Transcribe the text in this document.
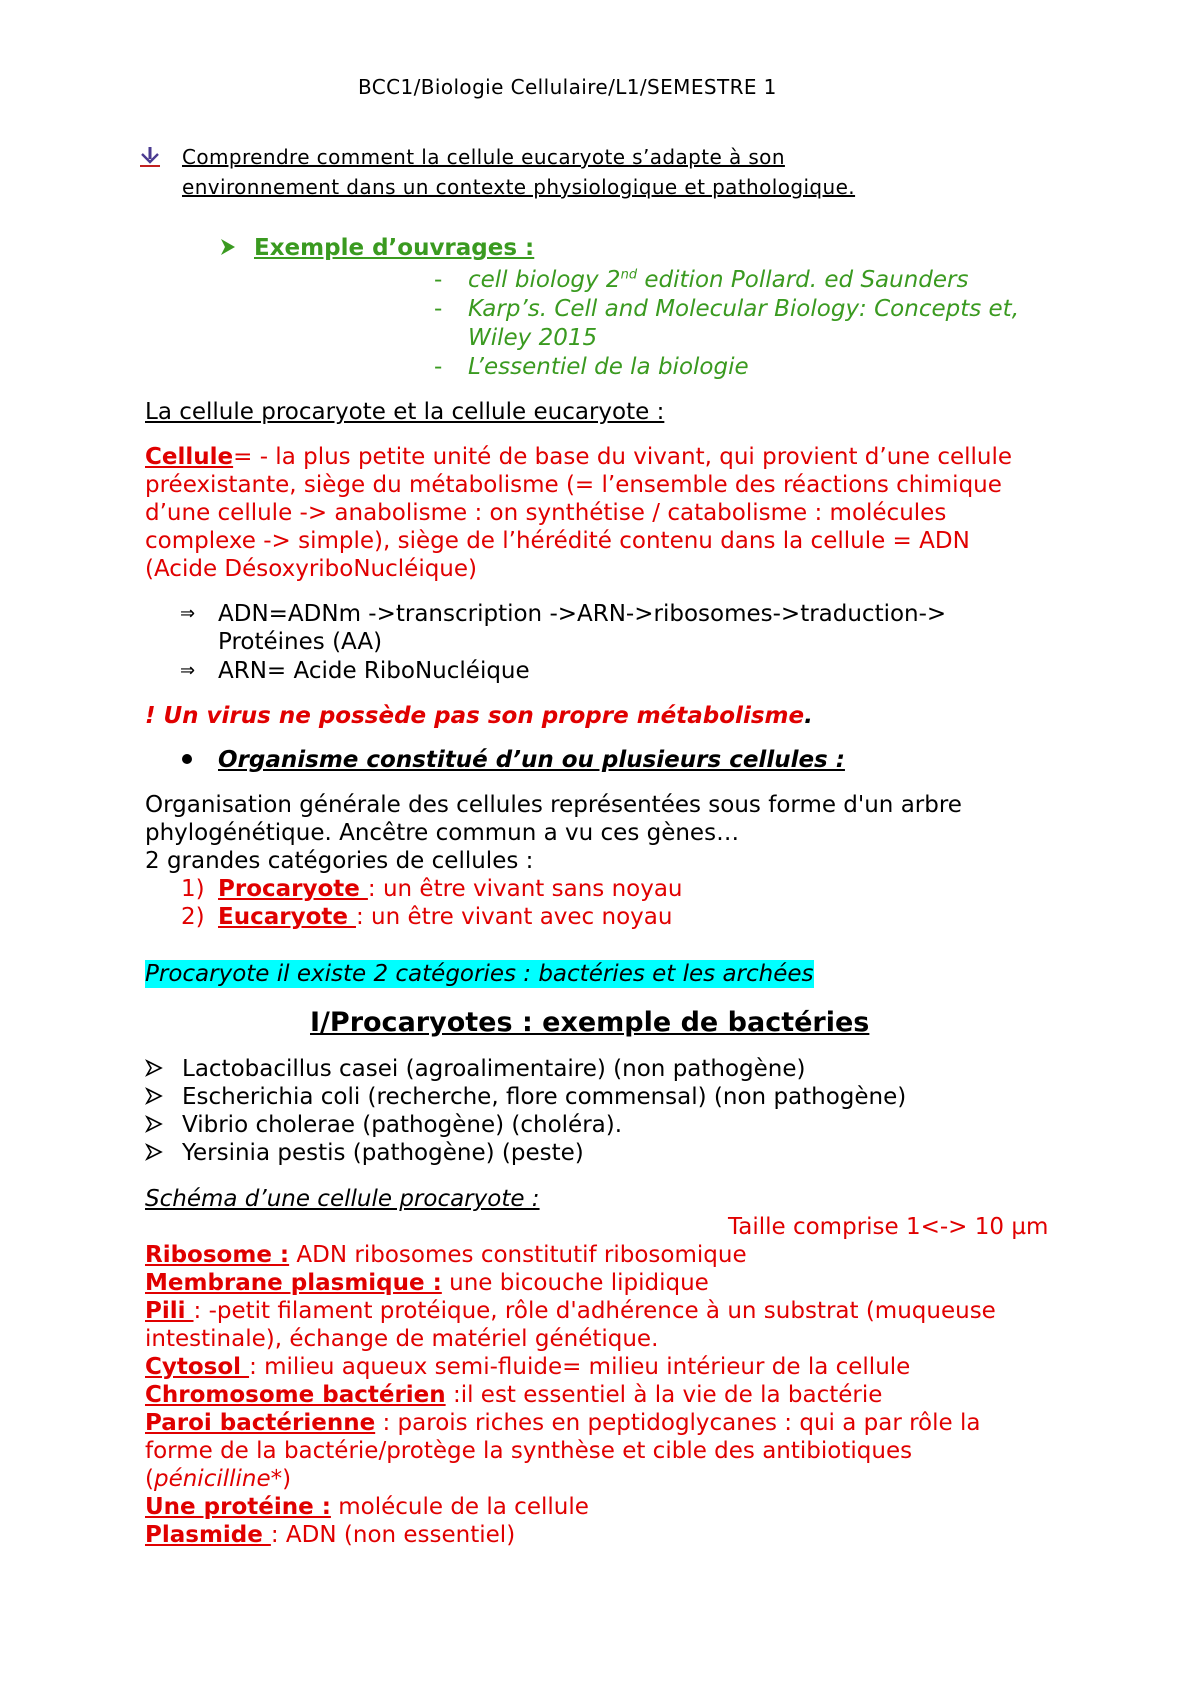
BCC1/Biologie Cellulaire/L1/SEMESTRE 1
Comprendre comment la cellule eucaryote s’adapte à son
environnement dans un contexte physiologique et pathologique.
Exemple d’ouvrages :
- cell biology 2nd edition Pollard. ed Saunders
- Karp’s. Cell and Molecular Biology: Concepts et,
Wiley 2015
- L’essentiel de la biologie
La cellule procaryote et la cellule eucaryote :
Cellule= - la plus petite unité de base du vivant, qui provient d’une cellule
préexistante, siège du métabolisme (= l’ensemble des réactions chimique
d’une cellule -> anabolisme : on synthétise / catabolisme : molécules
complexe -> simple), siège de l’hérédité contenu dans la cellule = ADN
(Acide DésoxyriboNucléique)
⇒ ADN=ADNm ->transcription ->ARN->ribosomes->traduction->
Protéines (AA)
⇒ ARN= Acide RiboNucléique
! Un virus ne possède pas son propre métabolisme.
Organisme constitué d’un ou plusieurs cellules :
Organisation générale des cellules représentées sous forme d'un arbre
phylogénétique. Ancêtre commun a vu ces gènes…
2 grandes catégories de cellules :
1) Procaryote : un être vivant sans noyau
2) Eucaryote : un être vivant avec noyau
Procaryote il existe 2 catégories : bactéries et les archées
I/Procaryotes : exemple de bactéries
Lactobacillus casei (agroalimentaire) (non pathogène)
Escherichia coli (recherche, flore commensal) (non pathogène)
Vibrio cholerae (pathogène) (choléra).
Yersinia pestis (pathogène) (peste)
Schéma d’une cellule procaryote :
Taille comprise 1<-> 10 µm
Ribosome : ADN ribosomes constitutif ribosomique
Membrane plasmique : une bicouche lipidique
Pili : -petit filament protéique, rôle d'adhérence à un substrat (muqueuse
intestinale), échange de matériel génétique.
Cytosol : milieu aqueux semi-fluide= milieu intérieur de la cellule
Chromosome bactérien :il est essentiel à la vie de la bactérie
Paroi bactérienne : parois riches en peptidoglycanes : qui a par rôle la
forme de la bactérie/protège la synthèse et cible des antibiotiques
(pénicilline*)
Une protéine : molécule de la cellule
Plasmide : ADN (non essentiel)
